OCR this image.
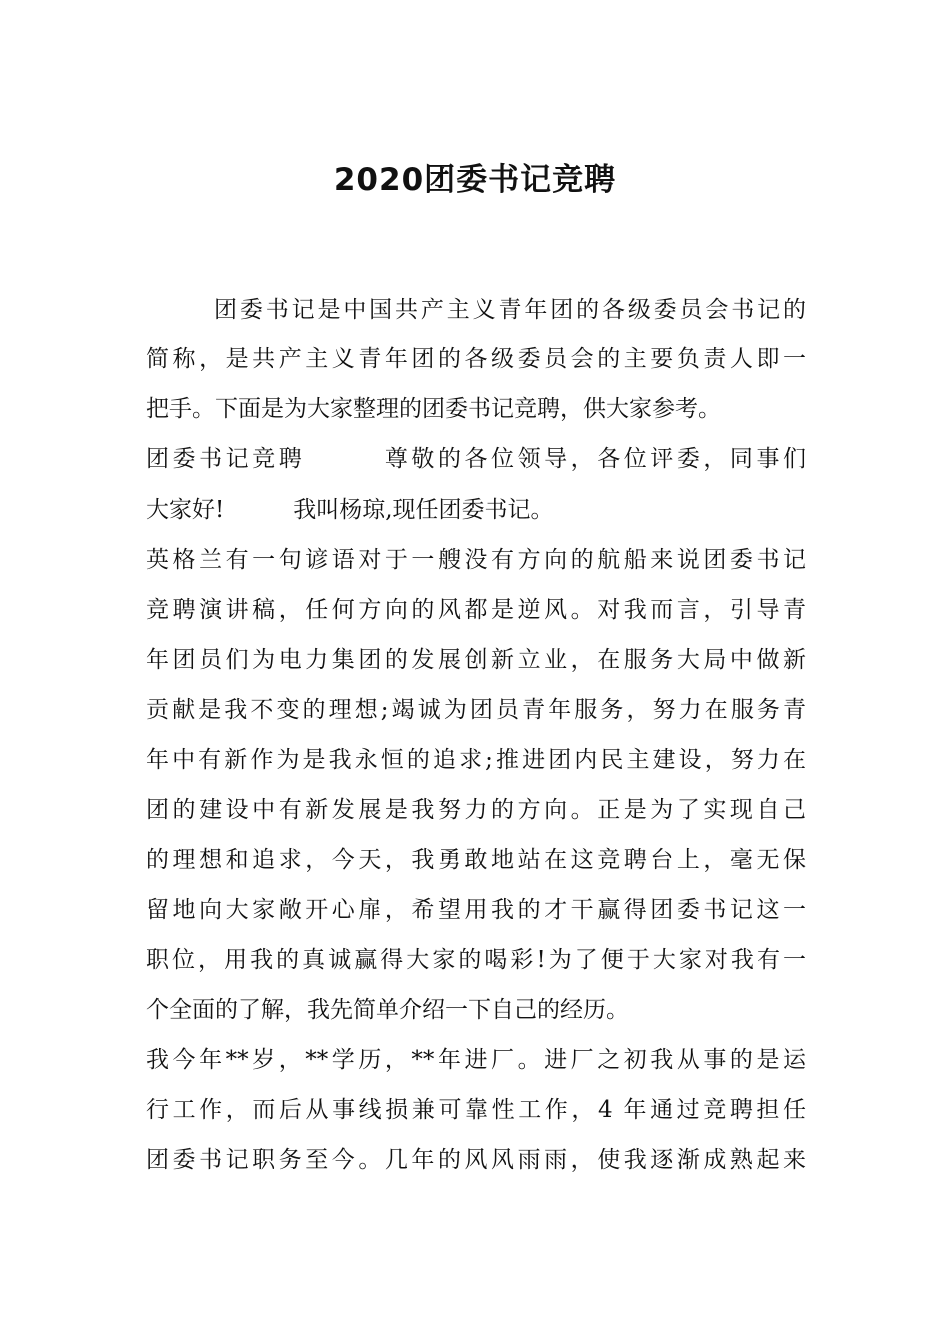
2020团委书记竞聘
团委书记是中国共产主义青年团的各级委员会书记的
简称，是共产主义青年团的各级委员会的主要负责人即一
把手。下面是为大家整理的团委书记竞聘，供大家参考。
团委书记竞聘　　　尊敬的各位领导，各位评委，同事们
大家好!　　　我叫杨琼,现任团委书记。
英格兰有一句谚语对于一艘没有方向的航船来说团委书记
竞聘演讲稿，任何方向的风都是逆风。对我而言，引导青
年团员们为电力集团的发展创新立业，在服务大局中做新
贡献是我不变的理想;竭诚为团员青年服务，努力在服务青
年中有新作为是我永恒的追求;推进团内民主建设，努力在
团的建设中有新发展是我努力的方向。正是为了实现自己
的理想和追求，今天，我勇敢地站在这竞聘台上，毫无保
留地向大家敞开心扉，希望用我的才干赢得团委书记这一
职位，用我的真诚赢得大家的喝彩!为了便于大家对我有一
个全面的了解，我先简单介绍一下自己的经历。
我今年**岁，**学历，**年进厂。进厂之初我从事的是运
行工作，而后从事线损兼可靠性工作，4 年通过竞聘担任
团委书记职务至今。几年的风风雨雨，使我逐渐成熟起来
